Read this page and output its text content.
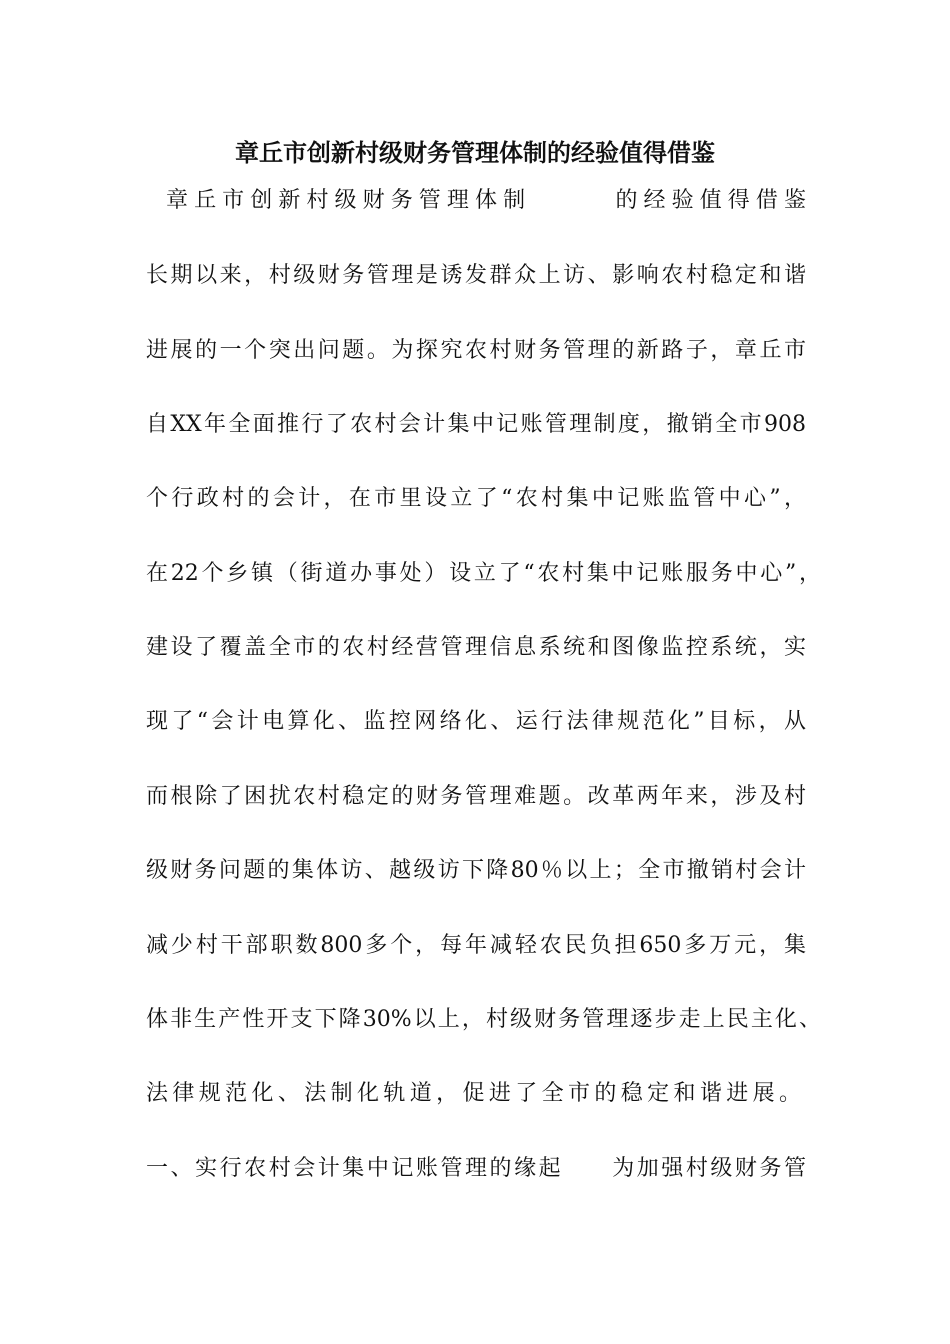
章丘市创新村级财务管理体制的经验值得借鉴
章丘市创新村级财务管理体制　　　的经验值得借鉴
长期以来，村级财务管理是诱发群众上访、影响农村稳定和谐
进展的一个突出问题。为探究农村财务管理的新路子，章丘市
自XX年全面推行了农村会计集中记账管理制度，撤销全市908
个行政村的会计，在市里设立了“农村集中记账监管中心”，
在22个乡镇（街道办事处）设立了“农村集中记账服务中心”，
建设了覆盖全市的农村经营管理信息系统和图像监控系统，实
现了“会计电算化、监控网络化、运行法律规范化”目标，从
而根除了困扰农村稳定的财务管理难题。改革两年来，涉及村
级财务问题的集体访、越级访下降80％以上；全市撤销村会计
减少村干部职数800多个，每年减轻农民负担650多万元，集
体非生产性开支下降30%以上，村级财务管理逐步走上民主化、
法律规范化、法制化轨道，促进了全市的稳定和谐进展。
一、实行农村会计集中记账管理的缘起　　为加强村级财务管
